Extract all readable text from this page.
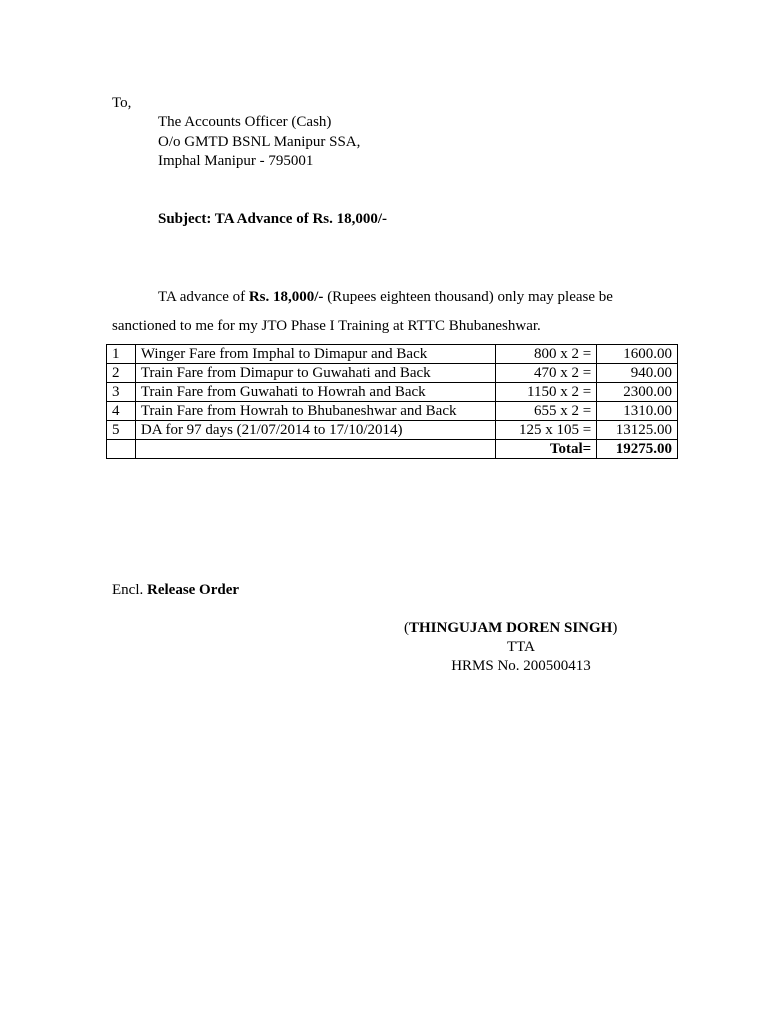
To,
The Accounts Officer (Cash)
O/o GMTD BSNL Manipur SSA,
Imphal Manipur - 795001
Subject: TA Advance of Rs. 18,000/-
TA advance of Rs. 18,000/- (Rupees eighteen thousand) only may please be
sanctioned to me for my JTO Phase I Training at RTTC Bhubaneshwar.
1	Winger Fare from Imphal to Dimapur and Back	800 x 2 =	1600.00
2	Train Fare from Dimapur to Guwahati and Back	470 x 2 =	940.00
3	Train Fare from Guwahati to Howrah and Back	1150 x 2 =	2300.00
4	Train Fare from Howrah to Bhubaneshwar and Back	655 x 2 =	1310.00
5	DA for 97 days (21/07/2014 to 17/10/2014)	125 x 105 =	13125.00
		Total=	19275.00
Encl. Release Order
(THINGUJAM DOREN SINGH)
TTA
HRMS No. 200500413
